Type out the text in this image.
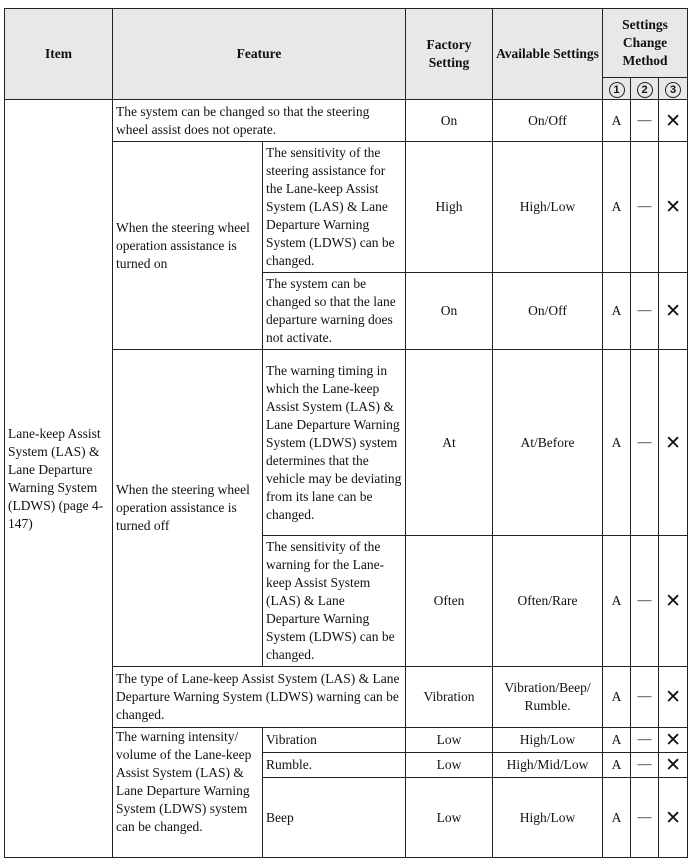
Item	Feature		Factory Setting	Available Settings	Settings Change Method		
					1	2	3
Lane-keep Assist System (LAS) & Lane Departure Warning System (LDWS) (page 4-147)	The system can be changed so that the steering wheel assist does not operate.		On	On/Off	A	—	✕
	When the steering wheel operation assistance is turned on	The sensitivity of the steering assistance for the Lane-keep Assist System (LAS) & Lane Departure Warning System (LDWS) can be changed.	High	High/Low	A	—	✕
		The system can be changed so that the lane departure warning does not activate.	On	On/Off	A	—	✕
	When the steering wheel operation assistance is turned off	The warning timing in which the Lane-keep Assist System (LAS) & Lane Departure Warning System (LDWS) system determines that the vehicle may be deviating from its lane can be changed.	At	At/Before	A	—	✕
		The sensitivity of the warning for the Lane-keep Assist System (LAS) & Lane Departure Warning System (LDWS) can be changed.	Often	Often/Rare	A	—	✕
	The type of Lane-keep Assist System (LAS) & Lane Departure Warning System (LDWS) warning can be changed.		Vibration	Vibration/Beep/ Rumble.	A	—	✕
	The warning intensity/ volume of the Lane-keep Assist System (LAS) & Lane Departure Warning System (LDWS) system can be changed.	Vibration	Low	High/Low	A	—	✕
		Rumble.	Low	High/Mid/Low	A	—	✕
		Beep	Low	High/Low	A	—	✕
